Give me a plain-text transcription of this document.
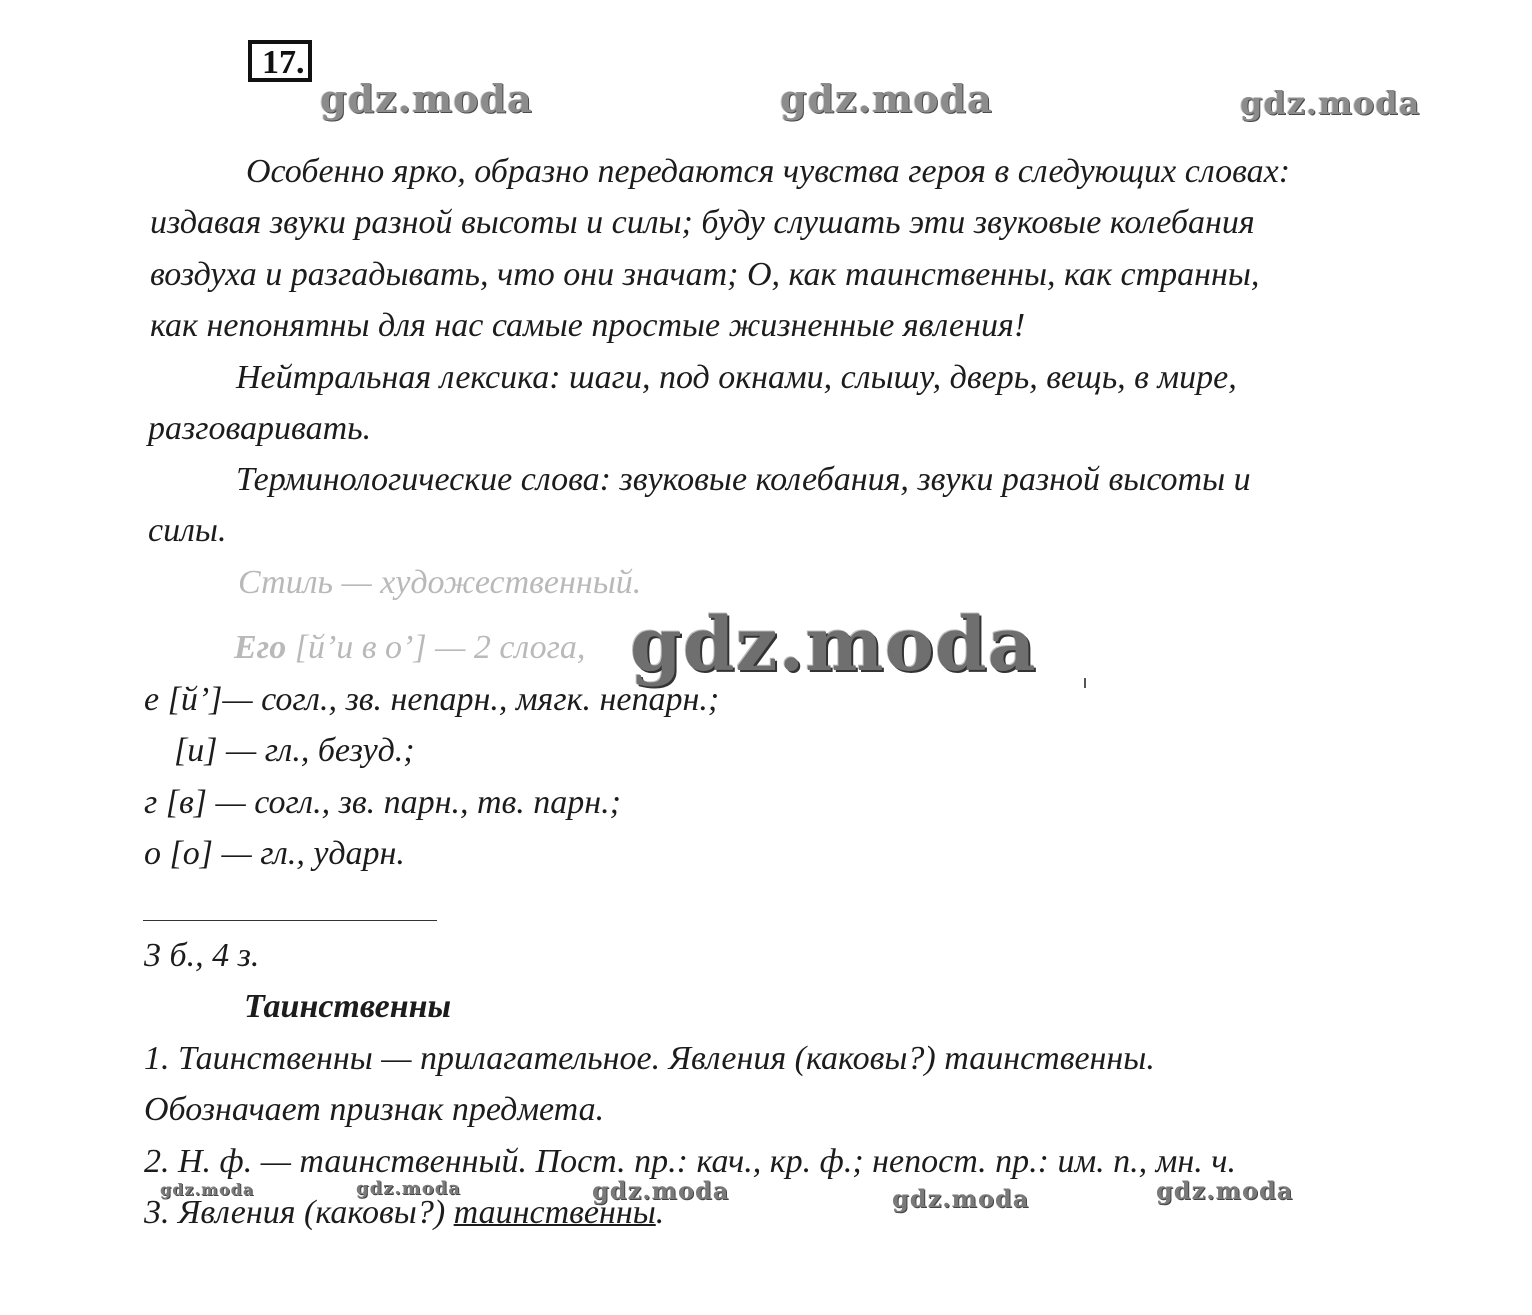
17.
gdz.moda	gdz.moda	gdz.moda
Особенно ярко, образно передаются чувства героя в следующих словах:
издавая звуки разной высоты и силы; буду слушать эти звуковые колебания
воздуха и разгадывать, что они значат; О, как таинственны, как странны,
как непонятны для нас самые простые жизненные явления!
Нейтральная лексика: шаги, под окнами, слышу, дверь, вещь, в мире,
разговаривать.
Терминологические слова: звуковые колебания, звуки разной высоты и
силы.
Стиль — художественный.
Его [й’и в о’] — 2 слога, gdz.moda
е [й’]— согл., зв. непарн., мягк. непарн.;
[и] — гл., безуд.;
г [в] — согл., зв. парн., тв. парн.;
о [о] — гл., ударн.
3 б., 4 з.
Таинственны
1. Таинственны — прилагательное. Явления (каковы?) таинственны.
Обозначает признак предмета.
2. Н. ф. — таинственный. Пост. пр.: кач., кр. ф.; непост. пр.: им. п., мн. ч.
gdz.moda	gdz.moda	gdz.moda	gdz.moda	gdz.moda
3. Явления (каковы?) таинственны.
